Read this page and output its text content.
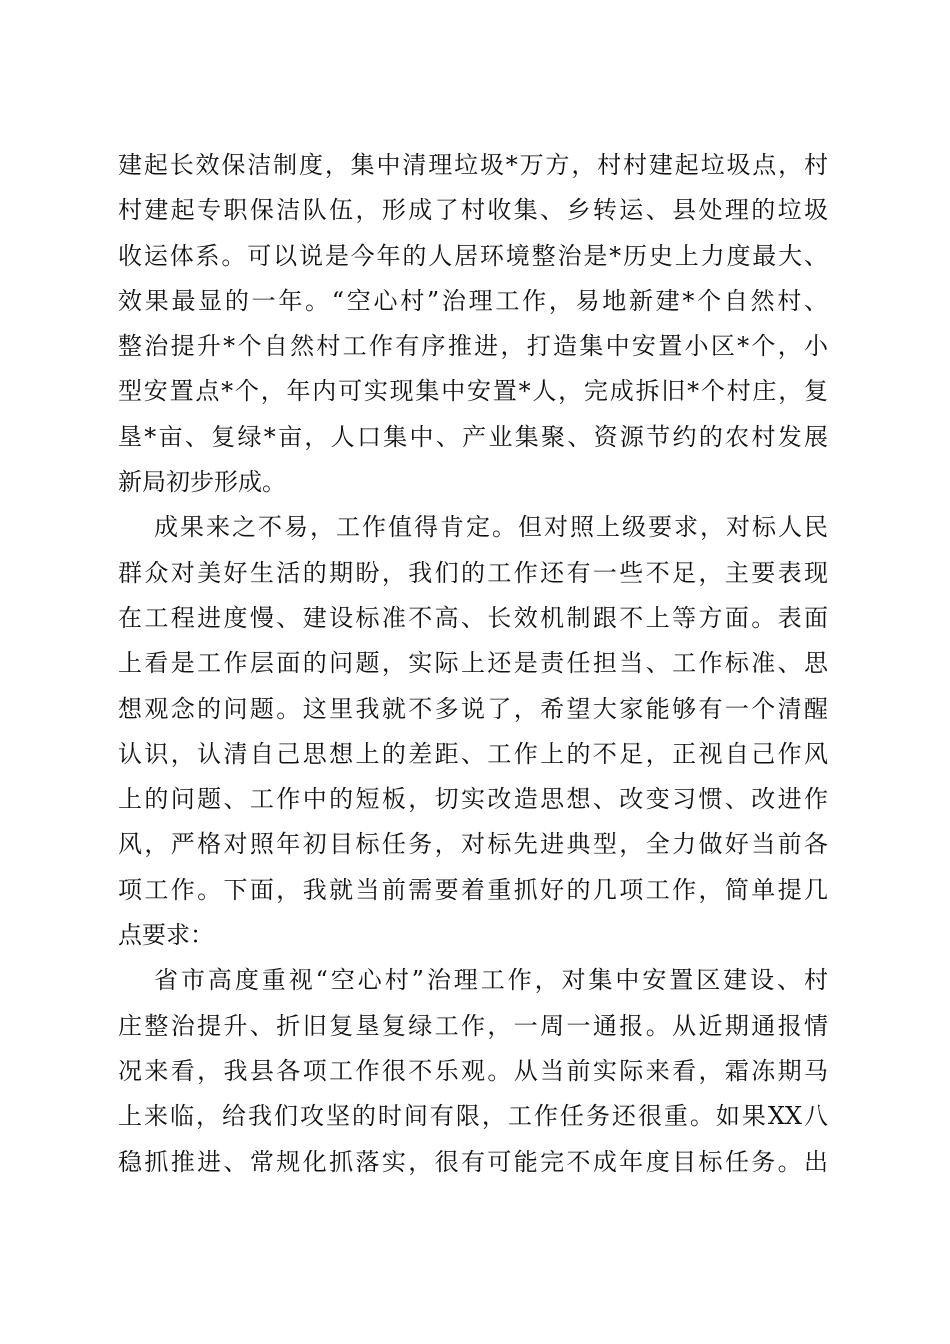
建起长效保洁制度，集中清理垃圾*万方，村村建起垃圾点，村
村建起专职保洁队伍，形成了村收集、乡转运、县处理的垃圾
收运体系。可以说是今年的人居环境整治是*历史上力度最大、
效果最显的一年。“空心村”治理工作，易地新建*个自然村、
整治提升*个自然村工作有序推进，打造集中安置小区*个，小
型安置点*个，年内可实现集中安置*人，完成拆旧*个村庄，复
垦*亩、复绿*亩，人口集中、产业集聚、资源节约的农村发展
新局初步形成。
成果来之不易，工作值得肯定。但对照上级要求，对标人民
群众对美好生活的期盼，我们的工作还有一些不足，主要表现
在工程进度慢、建设标准不高、长效机制跟不上等方面。表面
上看是工作层面的问题，实际上还是责任担当、工作标准、思
想观念的问题。这里我就不多说了，希望大家能够有一个清醒
认识，认清自己思想上的差距、工作上的不足，正视自己作风
上的问题、工作中的短板，切实改造思想、改变习惯、改进作
风，严格对照年初目标任务，对标先进典型，全力做好当前各
项工作。下面，我就当前需要着重抓好的几项工作，简单提几
点要求：
省市高度重视“空心村”治理工作，对集中安置区建设、村
庄整治提升、折旧复垦复绿工作，一周一通报。从近期通报情
况来看，我县各项工作很不乐观。从当前实际来看，霜冻期马
上来临，给我们攻坚的时间有限，工作任务还很重。如果XX八
稳抓推进、常规化抓落实，很有可能完不成年度目标任务。出
